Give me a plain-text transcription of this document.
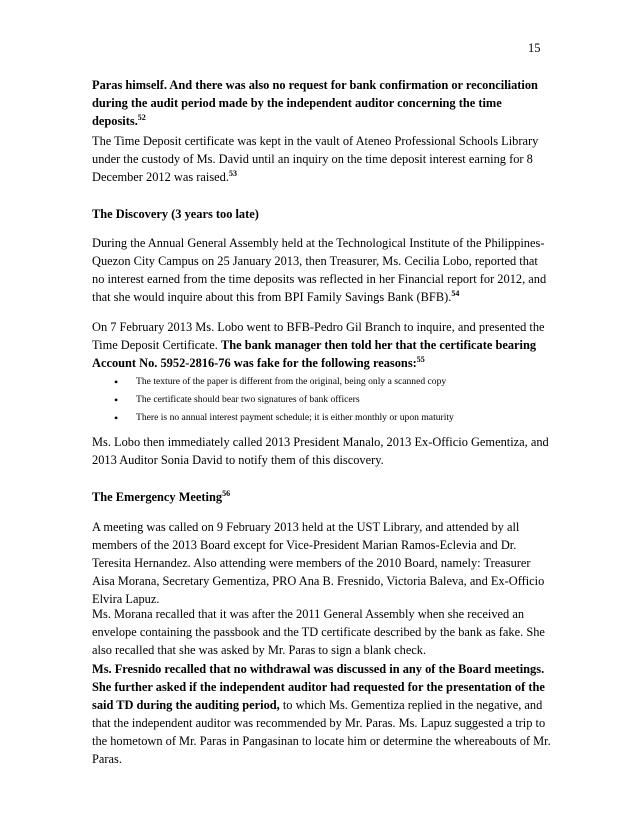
15

Paras himself. And there was also no request for bank confirmation or reconciliation during the audit period made by the independent auditor concerning the time deposits.$^{52}$

The Time Deposit certificate was kept in the vault of Ateneo Professional Schools Library under the custody of Ms. David until an inquiry on the time deposit interest earning for 8 December 2012 was raised.$^{53}$

The Discovery (3 years too late)

During the Annual General Assembly held at the Technological Institute of the Philippines-Quezon City Campus on 25 January 2013, then Treasurer, Ms. Cecilia Lobo, reported that no interest earned from the time deposits was reflected in her Financial report for 2012, and that she would inquire about this from BPI Family Savings Bank (BFB).$^{54}$

On 7 February 2013 Ms. Lobo went to BFB-Pedro Gil Branch to inquire, and presented the Time Deposit Certificate. The bank manager then told her that the certificate bearing Account No. 5952-2816-76 was fake for the following reasons:$^{55}$

• The texture of the paper is different from the original, being only a scanned copy
• The certificate should bear two signatures of bank officers
• There is no annual interest payment schedule; it is either monthly or upon maturity

Ms. Lobo then immediately called 2013 President Manalo, 2013 Ex-Officio Gementiza, and 2013 Auditor Sonia David to notify them of this discovery.

The Emergency Meeting$^{56}$

A meeting was called on 9 February 2013 held at the UST Library, and attended by all members of the 2013 Board except for Vice-President Marian Ramos-Eclevia and Dr. Teresita Hernandez. Also attending were members of the 2010 Board, namely: Treasurer Aisa Morana, Secretary Gementiza, PRO Ana B. Fresnido, Victoria Baleva, and Ex-Officio Elvira Lapuz.

Ms. Morana recalled that it was after the 2011 General Assembly when she received an envelope containing the passbook and the TD certificate described by the bank as fake. She also recalled that she was asked by Mr. Paras to sign a blank check.

Ms. Fresnido recalled that no withdrawal was discussed in any of the Board meetings. She further asked if the independent auditor had requested for the presentation of the said TD during the auditing period, to which Ms. Gementiza replied in the negative, and that the independent auditor was recommended by Mr. Paras. Ms. Lapuz suggested a trip to the hometown of Mr. Paras in Pangasinan to locate him or determine the whereabouts of Mr. Paras.
